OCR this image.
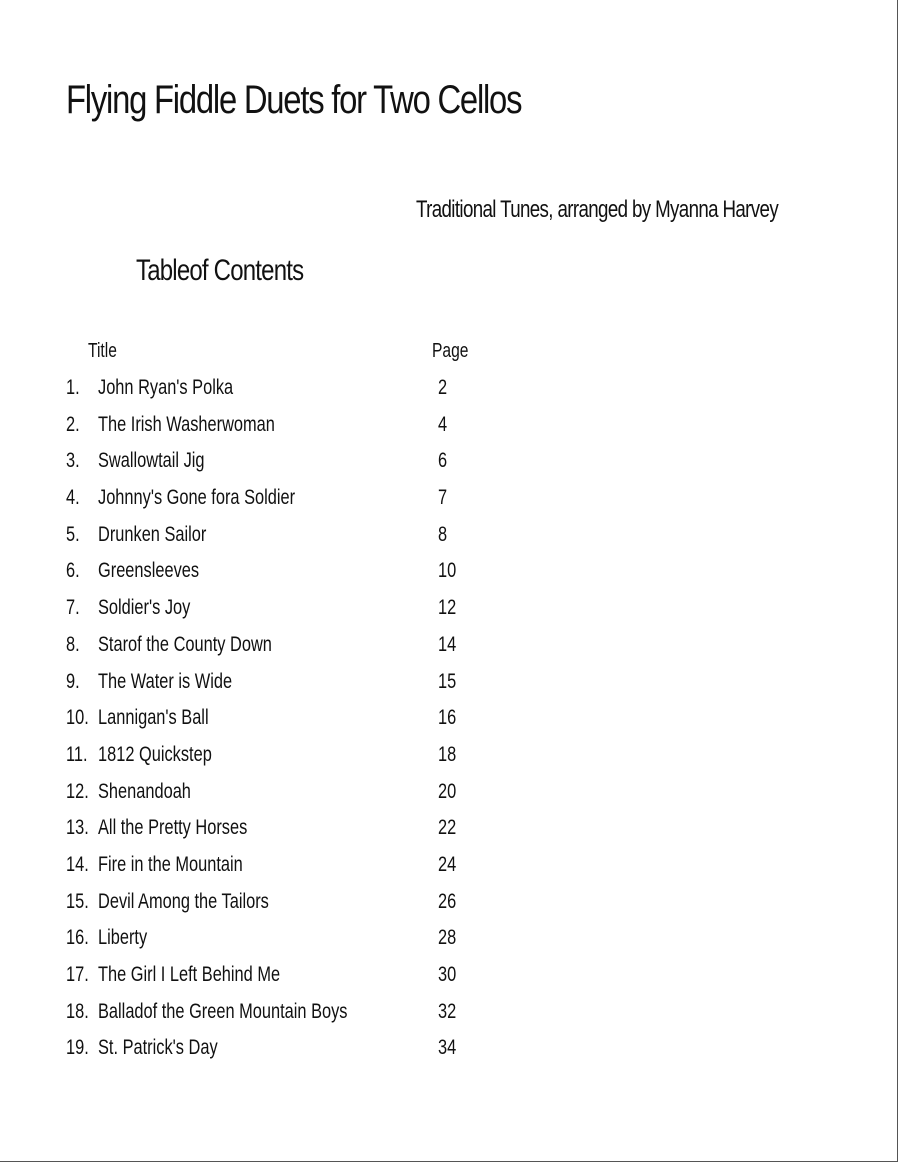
Flying Fiddle Duets for Two Cellos
Traditional Tunes, arranged by Myanna Harvey
Tableof Contents
Title	Page
1. John Ryan's Polka	2
2. The Irish Washerwoman	4
3. Swallowtail Jig	6
4. Johnny's Gone fora Soldier	7
5. Drunken Sailor	8
6. Greensleeves	10
7. Soldier's Joy	12
8. Starof the County Down	14
9. The Water is Wide	15
10. Lannigan's Ball	16
11. 1812 Quickstep	18
12. Shenandoah	20
13. All the Pretty Horses	22
14. Fire in the Mountain	24
15. Devil Among the Tailors	26
16. Liberty	28
17. The Girl I Left Behind Me	30
18. Balladof the Green Mountain Boys	32
19. St. Patrick's Day	34
